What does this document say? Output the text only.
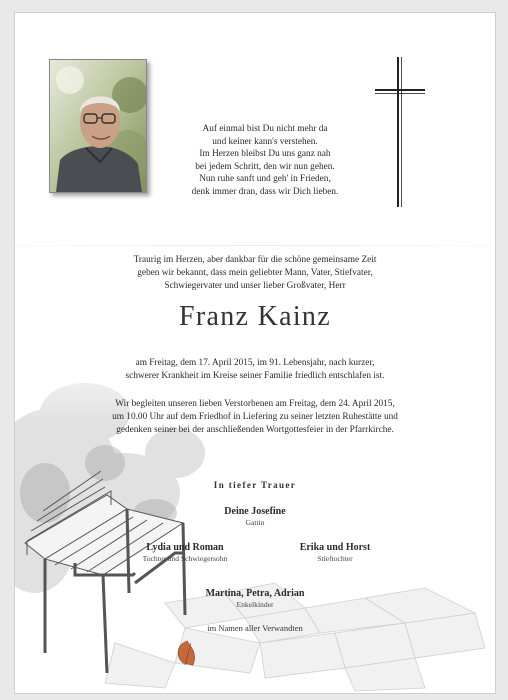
Auf einmal bist Du nicht mehr da
und keiner kann's verstehen.
Im Herzen bleibst Du uns ganz nah
bei jedem Schritt, den wir nun gehen.
Nun ruhe sanft und geh' in Frieden,
denk immer dran, dass wir Dich lieben.
Traurig im Herzen, aber dankbar für die schöne gemeinsame Zeit
geben wir bekannt, dass mein geliebter Mann, Vater, Stiefvater,
Schwiegervater und unser lieber Großvater, Herr
Franz Kainz
am Freitag, dem 17. April 2015, im 91. Lebensjahr, nach kurzer,
schwerer Krankheit im Kreise seiner Familie friedlich entschlafen ist.
Wir begleiten unseren lieben Verstorbenen am Freitag, dem 24. April 2015,
um 10.00 Uhr auf dem Friedhof in Liefering zu seiner letzten Ruhestätte und
gedenken seiner bei der anschließenden Wortgottesfeier in der Pfarrkirche.
In tiefer Trauer
Deine Josefine
Gattin
Lydia und Roman
Tochter und Schwiegersohn
Erika und Horst
Stieftochter
Martina, Petra, Adrian
Enkelkinder
im Namen aller Verwandten
